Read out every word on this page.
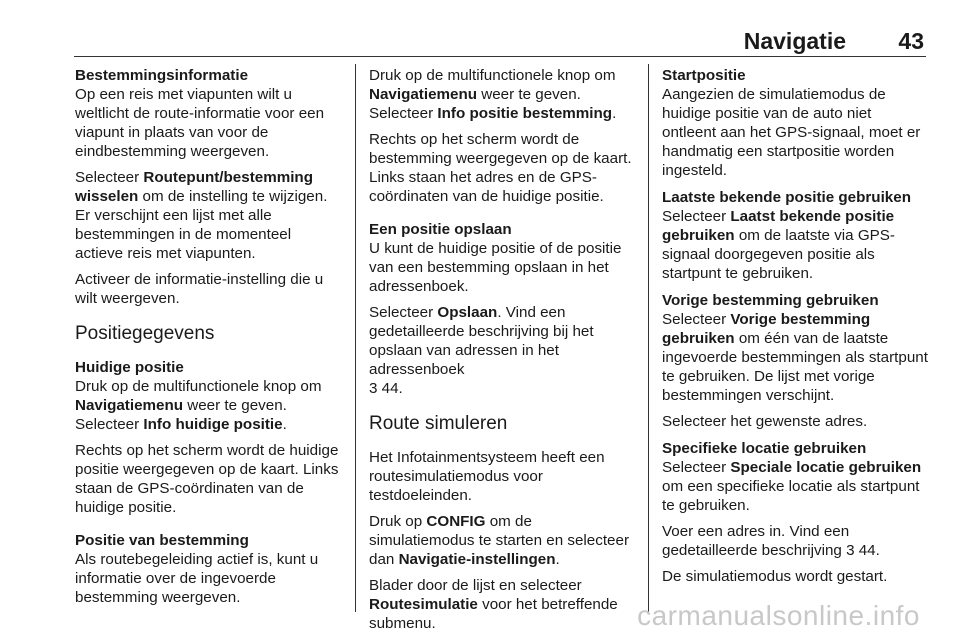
Navigatie 43
Bestemmingsinformatie

Op een reis met viapunten wilt u weltlicht de route-informatie voor een viapunt in plaats van voor de eindbestemming weergeven.

Selecteer Routepunt/bestemming wisselen om de instelling te wijzigen. Er verschijnt een lijst met alle bestemmingen in de momenteel actieve reis met viapunten.

Activeer de informatie-instelling die u wilt weergeven.

Positiegegevens
Huidige positie

Druk op de multifunctionele knop om Navigatiemenu weer te geven. Selecteer Info huidige positie.

Rechts op het scherm wordt de huidige positie weergegeven op de kaart. Links staan de GPS-coördinaten van de huidige positie.

Positie van bestemming

Als routebegeleiding actief is, kunt u informatie over de ingevoerde bestemming weergeven.

Druk op de multifunctionele knop om Navigatiemenu weer te geven. Selecteer Info positie bestemming.

Rechts op het scherm wordt de bestemming weergegeven op de kaart. Links staan het adres en de GPS-coördinaten van de huidige positie.

Een positie opslaan

U kunt de huidige positie of de positie van een bestemming opslaan in het adressenboek.

Selecteer Opslaan. Vind een gedetailleerde beschrijving bij het opslaan van adressen in het adressenboek
3 44.

Route simuleren

Het Infotainmentsysteem heeft een routesimulatiemodus voor testdoeleinden.

Druk op CONFIG om de simulatiemodus te starten en selecteer dan Navigatie-instellingen.

Blader door de lijst en selecteer Routesimulatie voor het betreffende submenu.

Startpositie

Aangezien de simulatiemodus de huidige positie van de auto niet ontleent aan het GPS-signaal, moet er handmatig een startpositie worden ingesteld.

Laatste bekende positie gebruiken

Selecteer Laatst bekende positie gebruiken om de laatste via GPS-signaal doorgegeven positie als startpunt te gebruiken.

Vorige bestemming gebruiken

Selecteer Vorige bestemming gebruiken om één van de laatste ingevoerde bestemmingen als startpunt te gebruiken. De lijst met vorige bestemmingen verschijnt.

Selecteer het gewenste adres.

Specifieke locatie gebruiken

Selecteer Speciale locatie gebruiken om een specifieke locatie als startpunt te gebruiken.

Voer een adres in. Vind een gedetailleerde beschrijving 3 44.

De simulatiemodus wordt gestart.

carmanualsonline.info
